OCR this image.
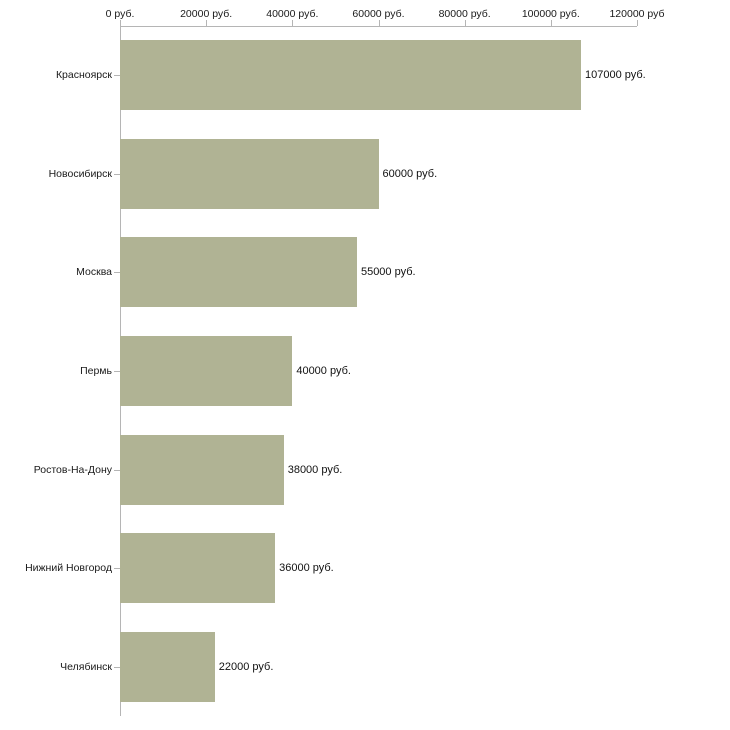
0 руб.	20000 руб.	40000 руб.	60000 руб.	80000 руб.	100000 руб.	120000 руб
Красноярск
Новосибирск
Москва
Пермь
Ростов-На-Дону
Нижний Новгород
Челябинск
107000 руб.
60000 руб.
55000 руб.
40000 руб.
38000 руб.
36000 руб.
22000 руб.
